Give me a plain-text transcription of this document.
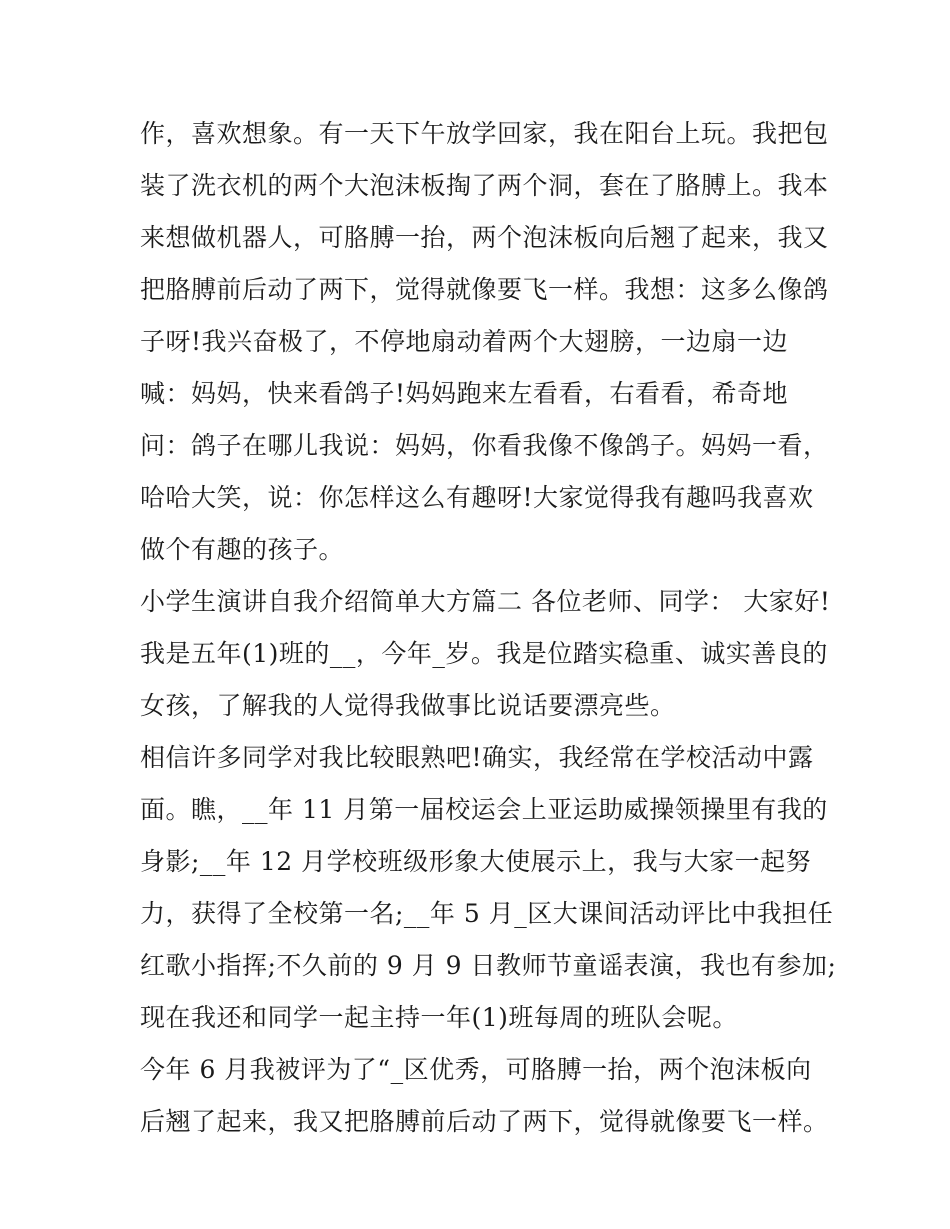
作，喜欢想象。有一天下午放学回家，我在阳台上玩。我把包
装了洗衣机的两个大泡沫板掏了两个洞，套在了胳膊上。我本
来想做机器人，可胳膊一抬，两个泡沫板向后翘了起来，我又
把胳膊前后动了两下，觉得就像要飞一样。我想：这多么像鸽
子呀!我兴奋极了，不停地扇动着两个大翅膀，一边扇一边
喊：妈妈，快来看鸽子!妈妈跑来左看看，右看看，希奇地
问：鸽子在哪儿我说：妈妈，你看我像不像鸽子。妈妈一看，
哈哈大笑，说：你怎样这么有趣呀!大家觉得我有趣吗我喜欢
做个有趣的孩子。
小学生演讲自我介绍简单大方篇二 各位老师、同学： 大家好!
我是五年(1)班的__，今年_岁。我是位踏实稳重、诚实善良的
女孩，了解我的人觉得我做事比说话要漂亮些。
相信许多同学对我比较眼熟吧!确实，我经常在学校活动中露
面。瞧，__年 11 月第一届校运会上亚运助威操领操里有我的
身影;__年 12 月学校班级形象大使展示上，我与大家一起努
力，获得了全校第一名;__年 5 月_区大课间活动评比中我担任
红歌小指挥;不久前的 9 月 9 日教师节童谣表演，我也有参加;
现在我还和同学一起主持一年(1)班每周的班队会呢。
今年 6 月我被评为了“_区优秀，可胳膊一抬，两个泡沫板向
后翘了起来，我又把胳膊前后动了两下，觉得就像要飞一样。
